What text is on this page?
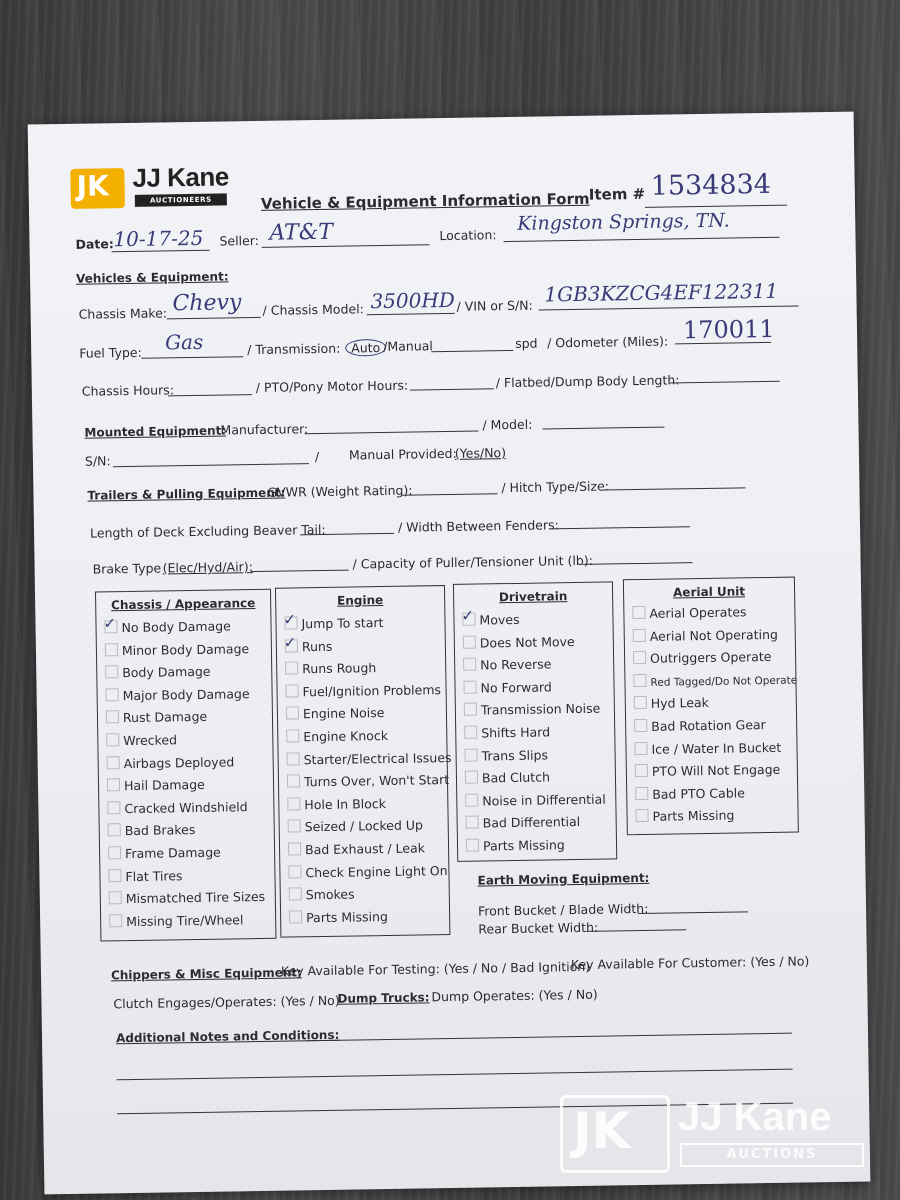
JK JJ Kane
AUCTIONEERS	Vehicle & Equipment Information Form
Item # 1534834
Date: 10-17-25 Seller: AT&T	Location:
Kingston Springs, TN.
Vehicles & Equipment:
Chassis Make: Chevy / Chassis Model: 3500HD / VIN or S/N: 1GB3KZCG4EF122311
Fuel Type: Gas	/ Transmission: Auto /Manual	spd / Odometer (Miles): 170011
Chassis Hours:	/ PTO/Pony Motor Hours:	/ Flatbed/Dump Body Length:
Mounted Equipment:
Manufacturer:	/ Model:
S/N:	/ Manual Provided:
(Yes/No)
Trailers & Pulling Equipment:
GVWR (Weight Rating):	/ Hitch Type/Size:
Length of Deck Excluding Beaver Tail:	/ Width Between Fenders:
Brake Type (Elec/Hyd/Air):	/ Capacity of Puller/Tensioner Unit (lb):
Chassis / Appearance
✓No Body Damage
Minor Body Damage
Body Damage
Major Body Damage
Rust Damage
Wrecked
Airbags Deployed
Hail Damage
Cracked Windshield
Bad Brakes
Frame Damage
Flat Tires
Mismatched Tire Sizes
Missing Tire/Wheel
Engine
✓Jump To start
✓Runs
Runs Rough
Fuel/Ignition Problems
Engine Noise
Engine Knock
Starter/Electrical Issues
Turns Over, Won't Start
Hole In Block
Seized / Locked Up
Bad Exhaust / Leak
Check Engine Light On
Smokes
Parts Missing
Drivetrain
✓Moves
Does Not Move
No Reverse
No Forward
Transmission Noise
Shifts Hard
Trans Slips
Bad Clutch
Noise in Differential
Bad Differential
Parts Missing
Aerial Unit
Aerial Operates
Aerial Not Operating
Outriggers Operate
Red Tagged/Do Not Operate
Hyd Leak
Bad Rotation Gear
Ice / Water In Bucket
PTO Will Not Engage
Bad PTO Cable
Parts Missing
Earth Moving Equipment:
Front Bucket / Blade Width:
Rear Bucket Width:
Chippers & Misc Equipment:
Key Available For Testing: (Yes / No / Bad Ignition)
Key Available For Customer: (Yes / No)
Clutch Engages/Operates: (Yes / No)
Dump Trucks: Dump Operates: (Yes / No)
Additional Notes and Conditions:
JK JJ Kane
AUCTIONS
